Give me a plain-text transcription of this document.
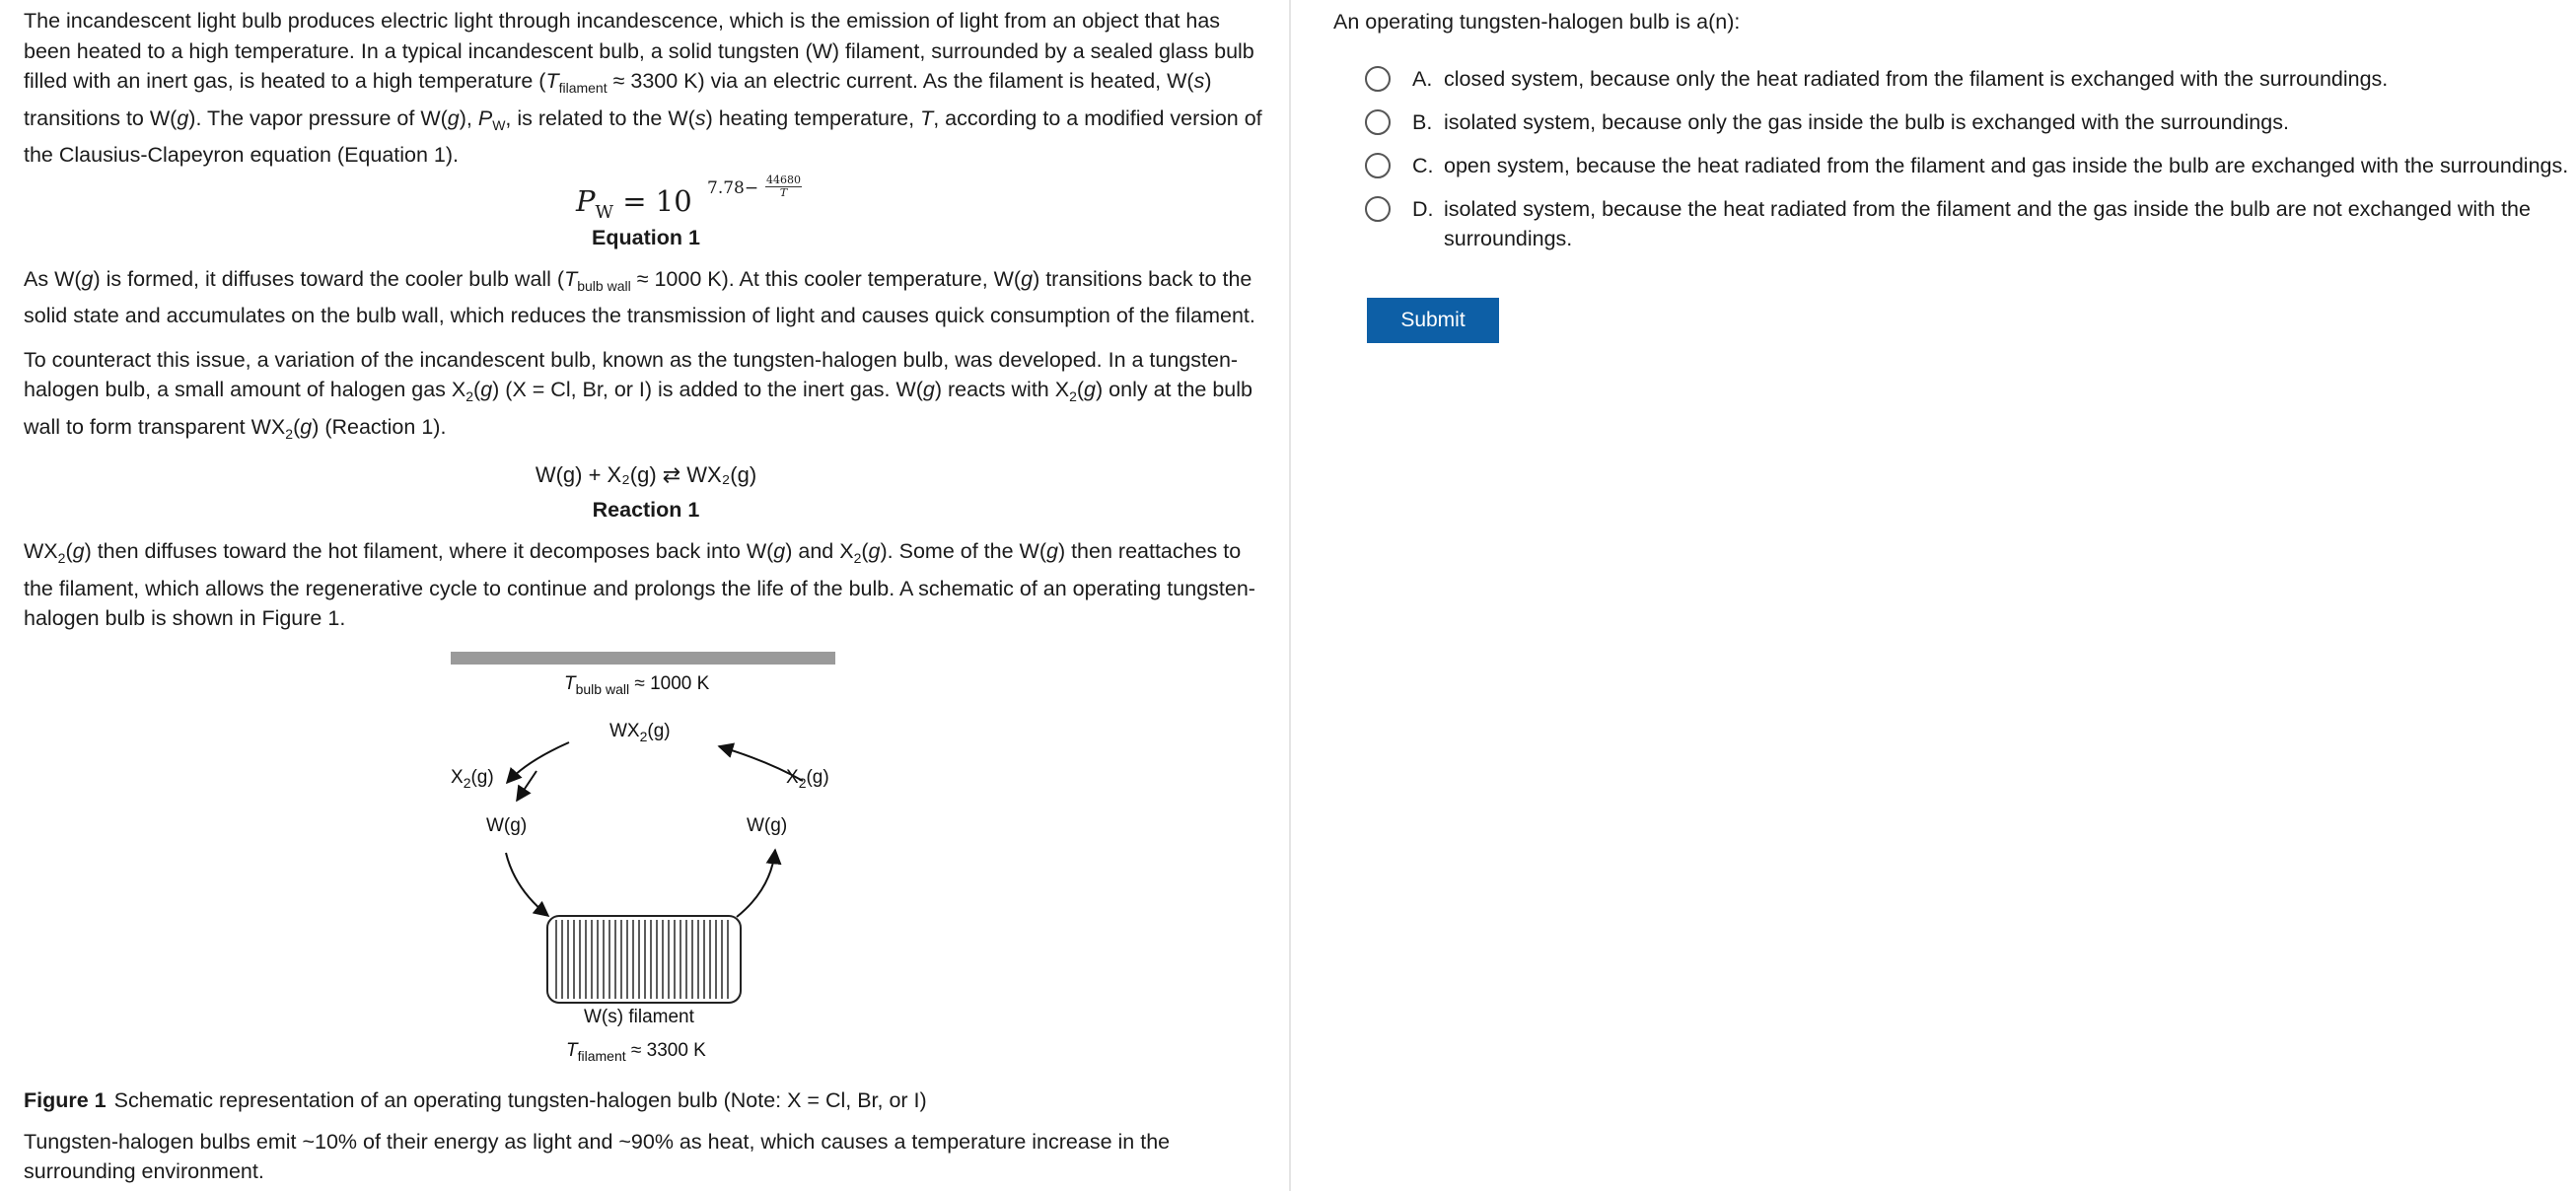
The incandescent light bulb produces electric light through incandescence, which is the emission of light from an object that has been heated to a high temperature. In a typical incandescent bulb, a solid tungsten (W) filament, surrounded by a sealed glass bulb filled with an inert gas, is heated to a high temperature ($T_{filament} \approx 3300$ K) via an electric current. As the filament is heated, W(s) transitions to W(g). The vapor pressure of W(g), $P_W$, is related to the W(s) heating temperature, T, according to a modified version of the Clausius-Clapeyron equation (Equation 1).

$P_W = 10$ $7.78- \frac{44680}{T}$

Equation 1

As W(g) is formed, it diffuses toward the cooler bulb wall ($T_{bulb wall} \approx 1000$ K). At this cooler temperature, W(g) transitions back to the solid state and accumulates on the bulb wall, which reduces the transmission of light and causes quick consumption of the filament.

To counteract this issue, a variation of the incandescent bulb, known as the tungsten-halogen bulb, was developed. In a tungsten-halogen bulb, a small amount of halogen gas $X_2(g) (X = Cl$, Br, or I) is added to the inert gas. W(g) reacts with $X_2(g)$ only at the bulb wall to form transparent $WX_2(g)$ (Reaction 1).

W(g) + X₂(g) ⇄ WX₂(g)

Reaction 1

$WX_2(g)$ then diffuses toward the hot filament, where it decomposes back into W(g) and $X_2(g)$. Some of the W(g) then reattaches to the filament, which allows the regenerative cycle to continue and prolongs the life of the bulb. A schematic of an operating tungsten-halogen bulb is shown in Figure 1.

$T_{bulb wall} \approx 1000$ K
$WX_2(g)$
$X_2(g)$	$X_2(g)$
W(g)	W(g)
W(s) filament
$T_{filament} \approx 3300$ K

Figure 1 Schematic representation of an operating tungsten-halogen bulb (Note: X = Cl, Br, or I)

Tungsten-halogen bulbs emit ~10% of their energy as light and ~90% as heat, which causes a temperature increase in the surrounding environment.

An operating tungsten-halogen bulb is a(n):

A. closed system, because only the heat radiated from the filament is exchanged with the surroundings.
B. isolated system, because only the gas inside the bulb is exchanged with the surroundings.
C. open system, because the heat radiated from the filament and gas inside the bulb are exchanged with the surroundings.
D. isolated system, because the heat radiated from the filament and the gas inside the bulb are not exchanged with the surroundings.
Submit
